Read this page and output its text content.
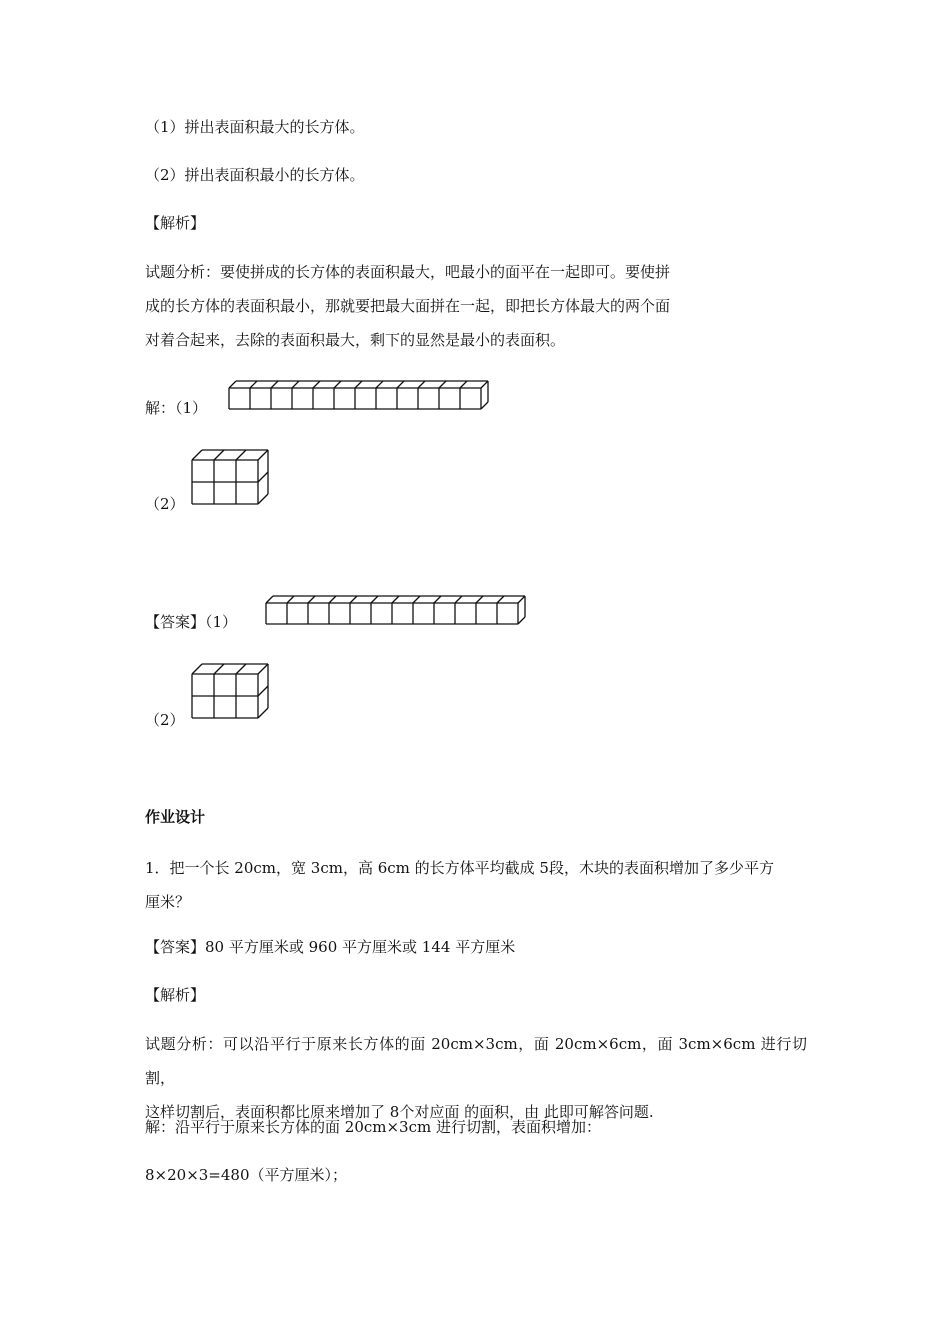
（1）拼出表面积最大的长方体。
（2）拼出表面积最小的长方体。
【解析】
试题分析：要使拼成的长方体的表面积最大，吧最小的面平在一起即可。要使拼
成的长方体的表面积最小，那就要把最大面拼在一起，即把长方体最大的两个面
对着合起来，去除的表面积最大，剩下的显然是最小的表面积。
解：（1）
（2）
【答案】（1）
（2）
作业设计
1．把一个长 20cm，宽 3cm，高 6cm 的长方体平均截成 5段，木块的表面积增加了多少平方
厘米？
【答案】80 平方厘米或 960 平方厘米或 144 平方厘米
【解析】
试题分析：可以沿平行于原来长方体的面 20cm×3cm，面 20cm×6cm，面 3cm×6cm 进行切割，
这样切割后，表面积都比原来增加了 8个对应面 的面积，由 此即可解答问题.
解：沿平行于原来长方体的面 20cm×3cm 进行切割，表面积增加：
8×20×3=480（平方厘米）；
